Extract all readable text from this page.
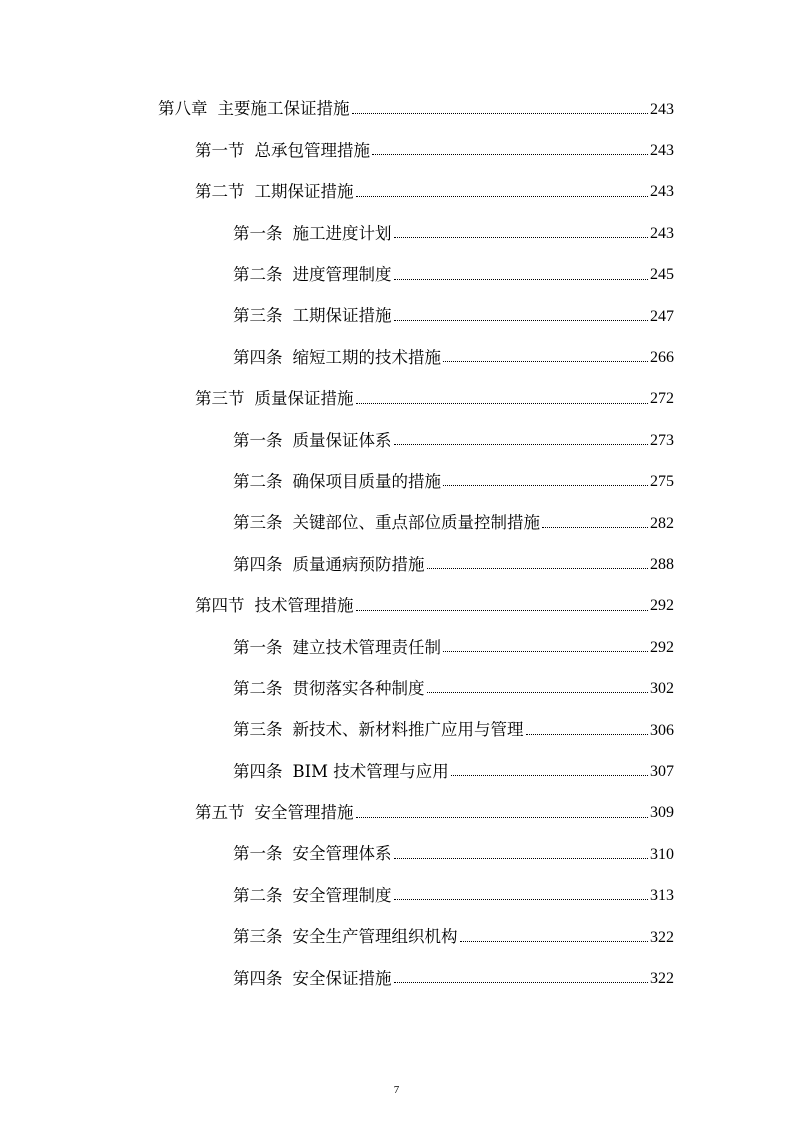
第八章 主要施工保证措施	243
第一节 总承包管理措施	243
第二节 工期保证措施	243
第一条 施工进度计划	243
第二条 进度管理制度	245
第三条 工期保证措施	247
第四条 缩短工期的技术措施	266
第三节 质量保证措施	272
第一条 质量保证体系	273
第二条 确保项目质量的措施	275
第三条 关键部位、重点部位质量控制措施	282
第四条 质量通病预防措施	288
第四节 技术管理措施	292
第一条 建立技术管理责任制	292
第二条 贯彻落实各种制度	302
第三条 新技术、新材料推广应用与管理	306
第四条 BIM 技术管理与应用	307
第五节 安全管理措施	309
第一条 安全管理体系	310
第二条 安全管理制度	313
第三条 安全生产管理组织机构	322
第四条 安全保证措施	322
7
